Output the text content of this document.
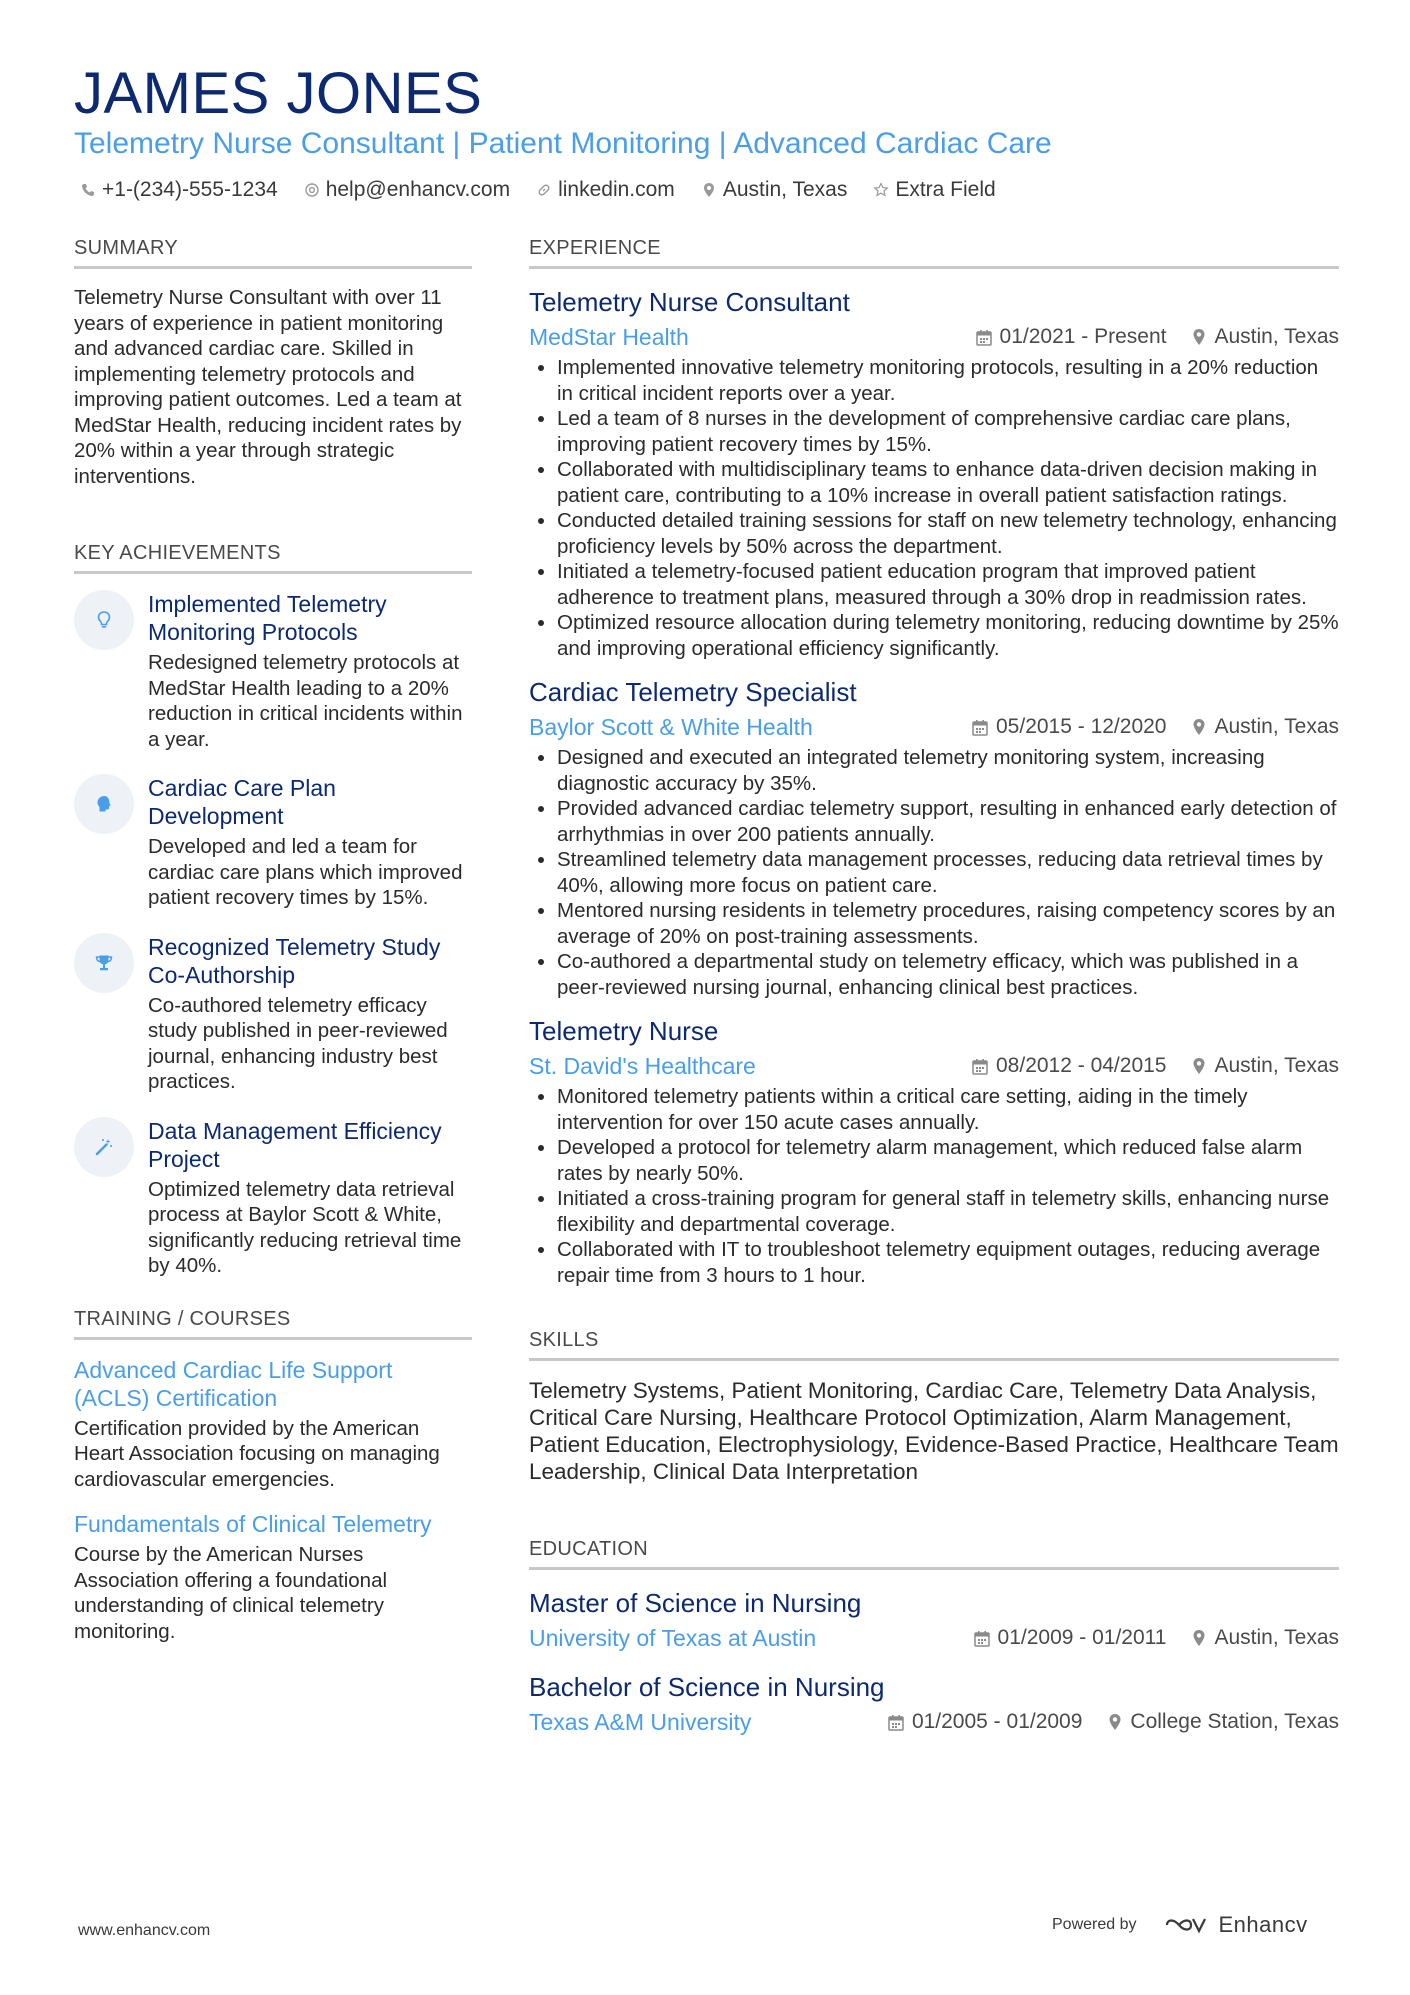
JAMES JONES
Telemetry Nurse Consultant | Patient Monitoring | Advanced Cardiac Care
+1-(234)-555-1234 help@enhancv.com linkedin.com Austin, Texas Extra Field
SUMMARY
Telemetry Nurse Consultant with over 11 years of experience in patient monitoring and advanced cardiac care. Skilled in implementing telemetry protocols and improving patient outcomes. Led a team at MedStar Health, reducing incident rates by 20% within a year through strategic interventions.
KEY ACHIEVEMENTS
Implemented Telemetry Monitoring Protocols
Redesigned telemetry protocols at MedStar Health leading to a 20% reduction in critical incidents within a year.
Cardiac Care Plan Development
Developed and led a team for cardiac care plans which improved patient recovery times by 15%.
Recognized Telemetry Study Co-Authorship
Co-authored telemetry efficacy study published in peer-reviewed journal, enhancing industry best practices.
Data Management Efficiency Project
Optimized telemetry data retrieval process at Baylor Scott & White, significantly reducing retrieval time by 40%.
TRAINING / COURSES
Advanced Cardiac Life Support (ACLS) Certification
Certification provided by the American Heart Association focusing on managing cardiovascular emergencies.
Fundamentals of Clinical Telemetry
Course by the American Nurses Association offering a foundational understanding of clinical telemetry monitoring.
EXPERIENCE
Telemetry Nurse Consultant
MedStar Health	01/2021 - Present Austin, Texas
• Implemented innovative telemetry monitoring protocols, resulting in a 20% reduction in critical incident reports over a year.
• Led a team of 8 nurses in the development of comprehensive cardiac care plans, improving patient recovery times by 15%.
• Collaborated with multidisciplinary teams to enhance data-driven decision making in patient care, contributing to a 10% increase in overall patient satisfaction ratings.
• Conducted detailed training sessions for staff on new telemetry technology, enhancing proficiency levels by 50% across the department.
• Initiated a telemetry-focused patient education program that improved patient adherence to treatment plans, measured through a 30% drop in readmission rates.
• Optimized resource allocation during telemetry monitoring, reducing downtime by 25% and improving operational efficiency significantly.
Cardiac Telemetry Specialist
Baylor Scott & White Health	05/2015 - 12/2020 Austin, Texas
• Designed and executed an integrated telemetry monitoring system, increasing diagnostic accuracy by 35%.
• Provided advanced cardiac telemetry support, resulting in enhanced early detection of arrhythmias in over 200 patients annually.
• Streamlined telemetry data management processes, reducing data retrieval times by 40%, allowing more focus on patient care.
• Mentored nursing residents in telemetry procedures, raising competency scores by an average of 20% on post-training assessments.
• Co-authored a departmental study on telemetry efficacy, which was published in a peer-reviewed nursing journal, enhancing clinical best practices.
Telemetry Nurse
St. David's Healthcare	08/2012 - 04/2015 Austin, Texas
• Monitored telemetry patients within a critical care setting, aiding in the timely intervention for over 150 acute cases annually.
• Developed a protocol for telemetry alarm management, which reduced false alarm rates by nearly 50%.
• Initiated a cross-training program for general staff in telemetry skills, enhancing nurse flexibility and departmental coverage.
• Collaborated with IT to troubleshoot telemetry equipment outages, reducing average repair time from 3 hours to 1 hour.
SKILLS
Telemetry Systems, Patient Monitoring, Cardiac Care, Telemetry Data Analysis, Critical Care Nursing, Healthcare Protocol Optimization, Alarm Management, Patient Education, Electrophysiology, Evidence-Based Practice, Healthcare Team Leadership, Clinical Data Interpretation
EDUCATION
Master of Science in Nursing
University of Texas at Austin	01/2009 - 01/2011 Austin, Texas
Bachelor of Science in Nursing
Texas A&M University	01/2005 - 01/2009 College Station, Texas
www.enhancv.com	Powered by	Enhancv
